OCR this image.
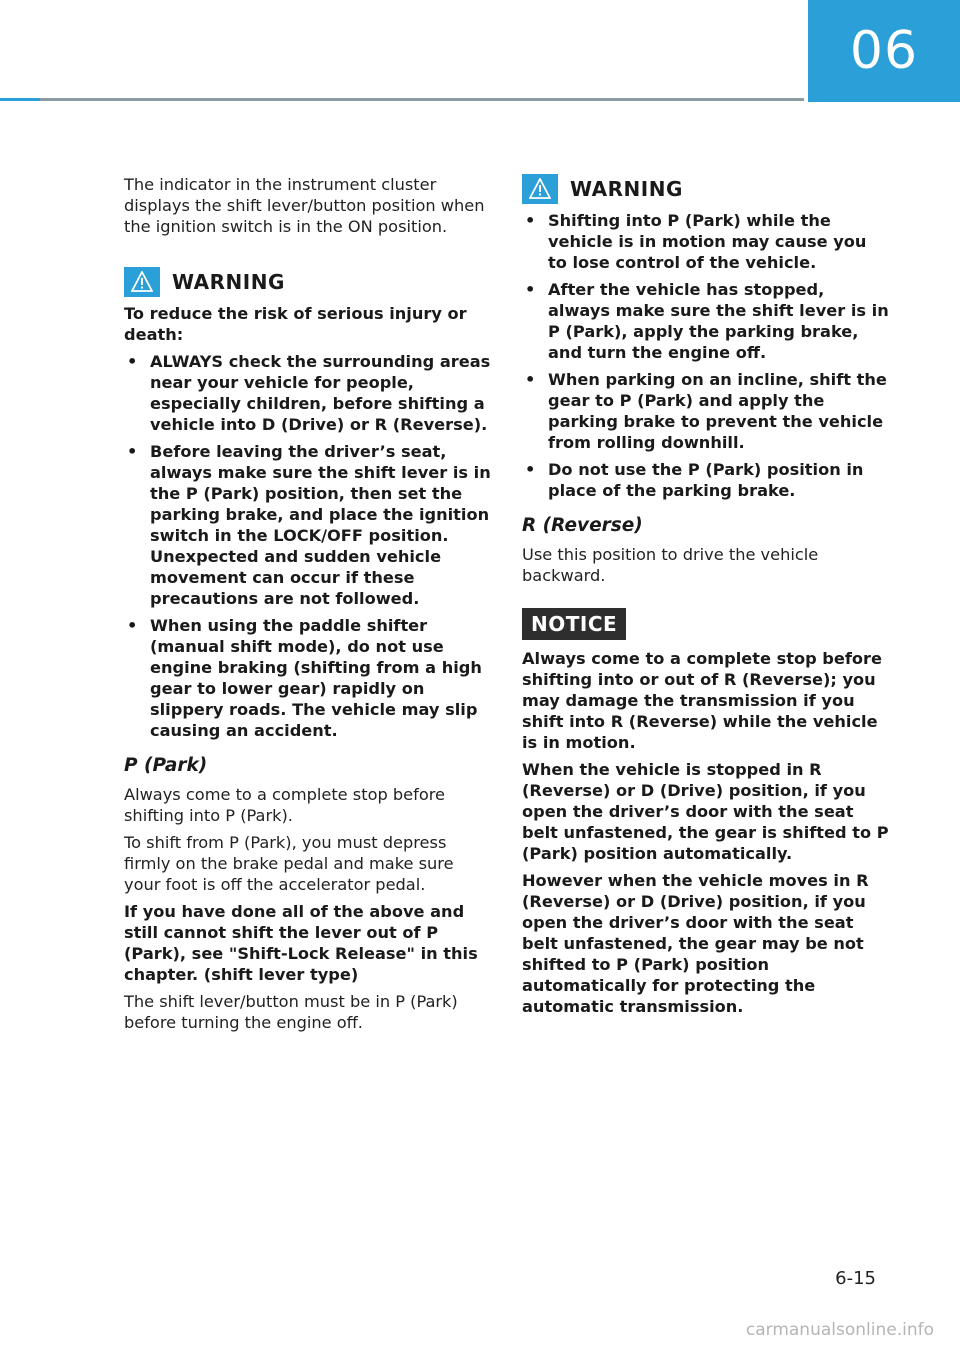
06

The indicator in the instrument cluster displays the shift lever/button position when the ignition switch is in the ON position.

WARNING

To reduce the risk of serious injury or death:

• ALWAYS check the surrounding areas near your vehicle for people, especially children, before shifting a vehicle into D (Drive) or R (Reverse).
• Before leaving the driver’s seat, always make sure the shift lever is in the P (Park) position, then set the parking brake, and place the ignition switch in the LOCK/OFF position. Unexpected and sudden vehicle movement can occur if these precautions are not followed.
• When using the paddle shifter (manual shift mode), do not use engine braking (shifting from a high gear to lower gear) rapidly on slippery roads. The vehicle may slip causing an accident.
P (Park)

Always come to a complete stop before shifting into P (Park).

To shift from P (Park), you must depress firmly on the brake pedal and make sure your foot is off the accelerator pedal.

If you have done all of the above and still cannot shift the lever out of P (Park), see "Shift-Lock Release" in this chapter. (shift lever type)

The shift lever/button must be in P (Park) before turning the engine off.

WARNING
• Shifting into P (Park) while the vehicle is in motion may cause you to lose control of the vehicle.
• After the vehicle has stopped, always make sure the shift lever is in P (Park), apply the parking brake, and turn the engine off.
• When parking on an incline, shift the gear to P (Park) and apply the parking brake to prevent the vehicle from rolling downhill.
• Do not use the P (Park) position in place of the parking brake.
R (Reverse)

Use this position to drive the vehicle backward.

NOTICE

Always come to a complete stop before shifting into or out of R (Reverse); you may damage the transmission if you shift into R (Reverse) while the vehicle is in motion.

When the vehicle is stopped in R (Reverse) or D (Drive) position, if you open the driver’s door with the seat belt unfastened, the gear is shifted to P (Park) position automatically.

However when the vehicle moves in R (Reverse) or D (Drive) position, if you open the driver’s door with the seat belt unfastened, the gear may be not shifted to P (Park) position automatically for protecting the automatic transmission.

6-15
carmanualsonline.info
